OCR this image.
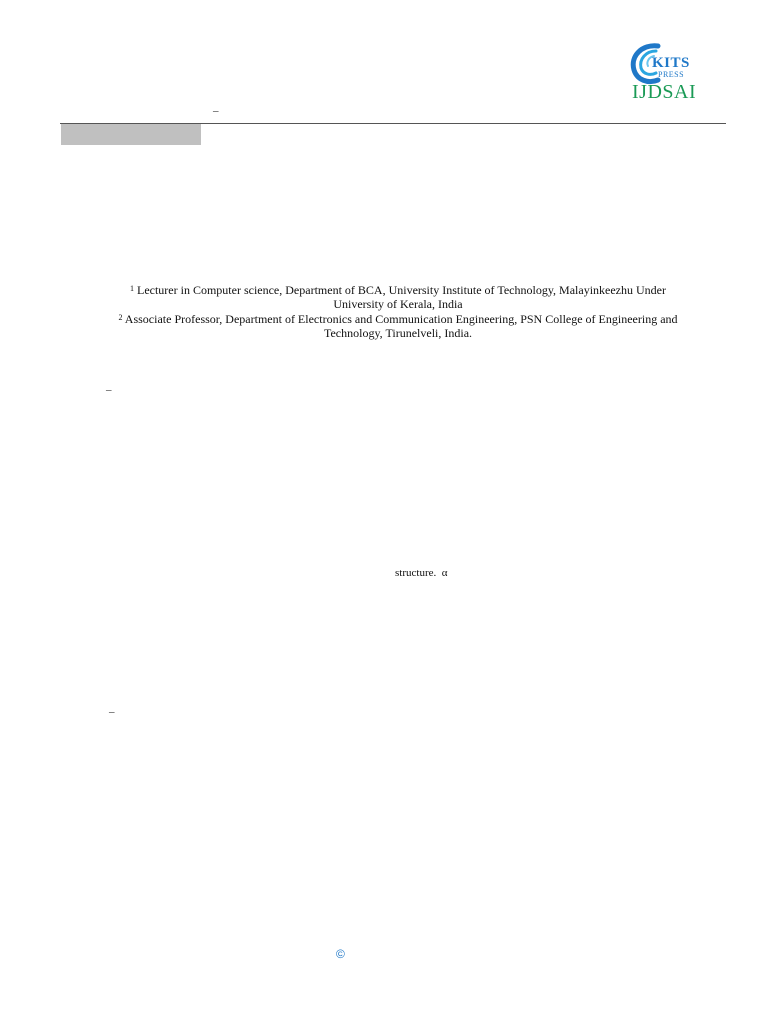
KITS
PRESS
IJDSAI
–
$^1$ Lecturer in Computer science, Department of BCA, University Institute of Technology, Malayinkeezhu Under
University of Kerala, India
$^2$ Associate Professor, Department of Electronics and Communication Engineering, PSN College of Engineering and
Technology, Tirunelveli, India.
–
structure.  α
–
©
